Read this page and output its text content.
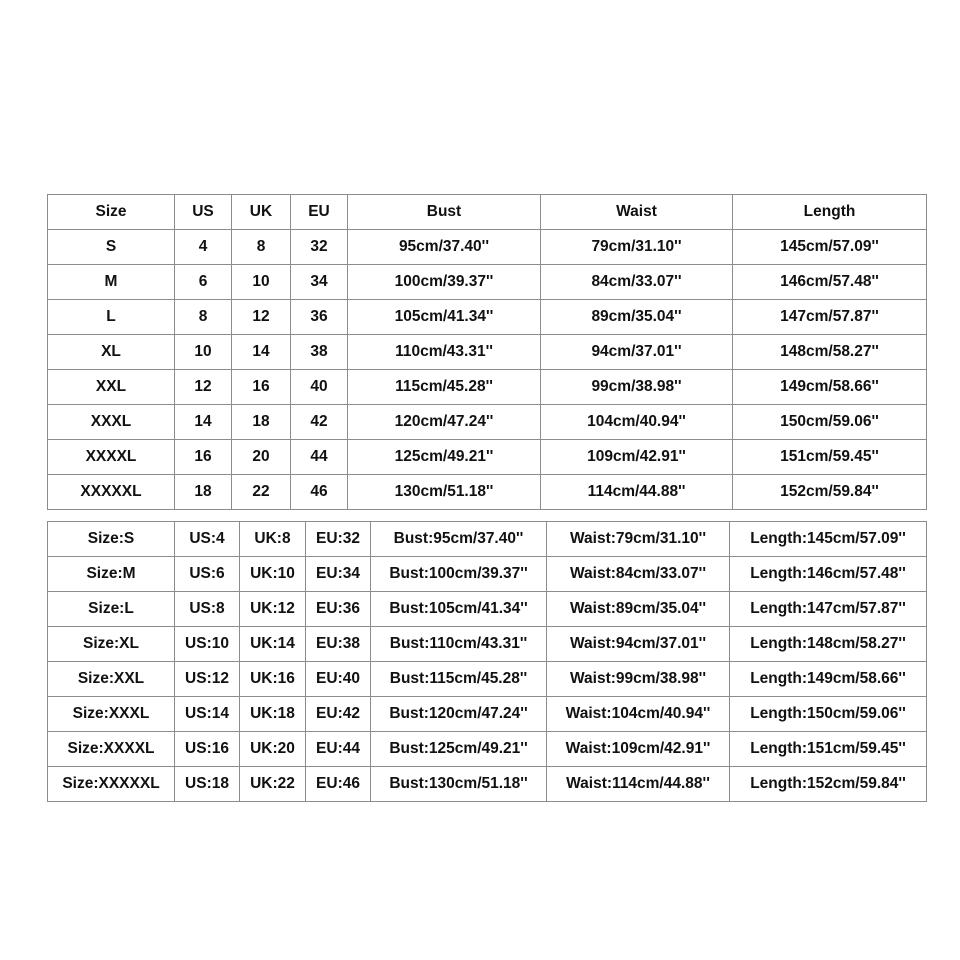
Size	US	UK	EU	Bust	Waist	Length
S	4	8	32	95cm/37.40''	79cm/31.10''	145cm/57.09''
M	6	10	34	100cm/39.37''	84cm/33.07''	146cm/57.48''
L	8	12	36	105cm/41.34''	89cm/35.04''	147cm/57.87''
XL	10	14	38	110cm/43.31''	94cm/37.01''	148cm/58.27''
XXL	12	16	40	115cm/45.28''	99cm/38.98''	149cm/58.66''
XXXL	14	18	42	120cm/47.24''	104cm/40.94''	150cm/59.06''
XXXXL	16	20	44	125cm/49.21''	109cm/42.91''	151cm/59.45''
XXXXXL	18	22	46	130cm/51.18''	114cm/44.88''	152cm/59.84''
Size:S	US:4	UK:8	EU:32	Bust:95cm/37.40''	Waist:79cm/31.10''	Length:145cm/57.09''
Size:M	US:6	UK:10	EU:34	Bust:100cm/39.37''	Waist:84cm/33.07''	Length:146cm/57.48''
Size:L	US:8	UK:12	EU:36	Bust:105cm/41.34''	Waist:89cm/35.04''	Length:147cm/57.87''
Size:XL	US:10	UK:14	EU:38	Bust:110cm/43.31''	Waist:94cm/37.01''	Length:148cm/58.27''
Size:XXL	US:12	UK:16	EU:40	Bust:115cm/45.28''	Waist:99cm/38.98''	Length:149cm/58.66''
Size:XXXL	US:14	UK:18	EU:42	Bust:120cm/47.24''	Waist:104cm/40.94''	Length:150cm/59.06''
Size:XXXXL	US:16	UK:20	EU:44	Bust:125cm/49.21''	Waist:109cm/42.91''	Length:151cm/59.45''
Size:XXXXXL	US:18	UK:22	EU:46	Bust:130cm/51.18''	Waist:114cm/44.88''	Length:152cm/59.84''
